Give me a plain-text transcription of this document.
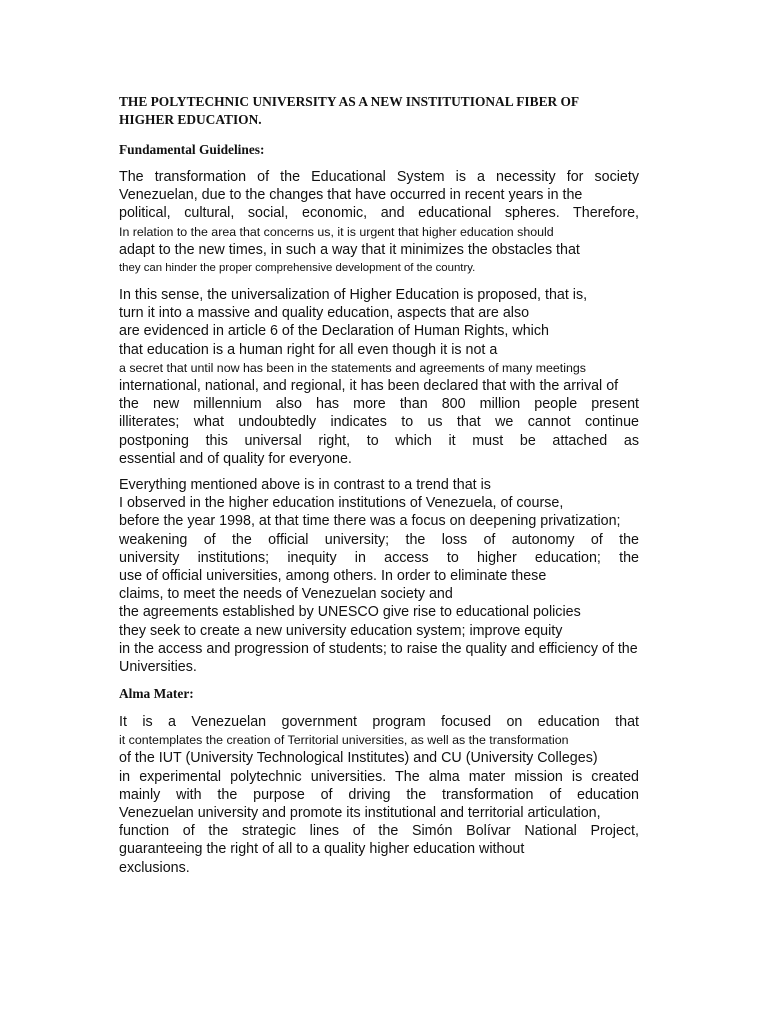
THE POLYTECHNIC UNIVERSITY AS A NEW INSTITUTIONAL FIBER OF
HIGHER EDUCATION.
Fundamental Guidelines:
The transformation of the Educational System is a necessity for society
Venezuelan, due to the changes that have occurred in recent years in the
political, cultural, social, economic, and educational spheres. Therefore,
In relation to the area that concerns us, it is urgent that higher education should
adapt to the new times, in such a way that it minimizes the obstacles that
they can hinder the proper comprehensive development of the country.
In this sense, the universalization of Higher Education is proposed, that is,
turn it into a massive and quality education, aspects that are also
are evidenced in article 6 of the Declaration of Human Rights, which
that education is a human right for all even though it is not a
a secret that until now has been in the statements and agreements of many meetings
international, national, and regional, it has been declared that with the arrival of
the new millennium also has more than 800 million people present
illiterates; what undoubtedly indicates to us that we cannot continue
postponing this universal right, to which it must be attached as
essential and of quality for everyone.
Everything mentioned above is in contrast to a trend that is
I observed in the higher education institutions of Venezuela, of course,
before the year 1998, at that time there was a focus on deepening privatization;
weakening of the official university; the loss of autonomy of the
university institutions; inequity in access to higher education; the
use of official universities, among others. In order to eliminate these
claims, to meet the needs of Venezuelan society and
the agreements established by UNESCO give rise to educational policies
they seek to create a new university education system; improve equity
in the access and progression of students; to raise the quality and efficiency of the
Universities.
Alma Mater:
It is a Venezuelan government program focused on education that
it contemplates the creation of Territorial universities, as well as the transformation
of the IUT (University Technological Institutes) and CU (University Colleges)
in experimental polytechnic universities. The alma mater mission is created
mainly with the purpose of driving the transformation of education
Venezuelan university and promote its institutional and territorial articulation,
function of the strategic lines of the Simón Bolívar National Project,
guaranteeing the right of all to a quality higher education without
exclusions.
